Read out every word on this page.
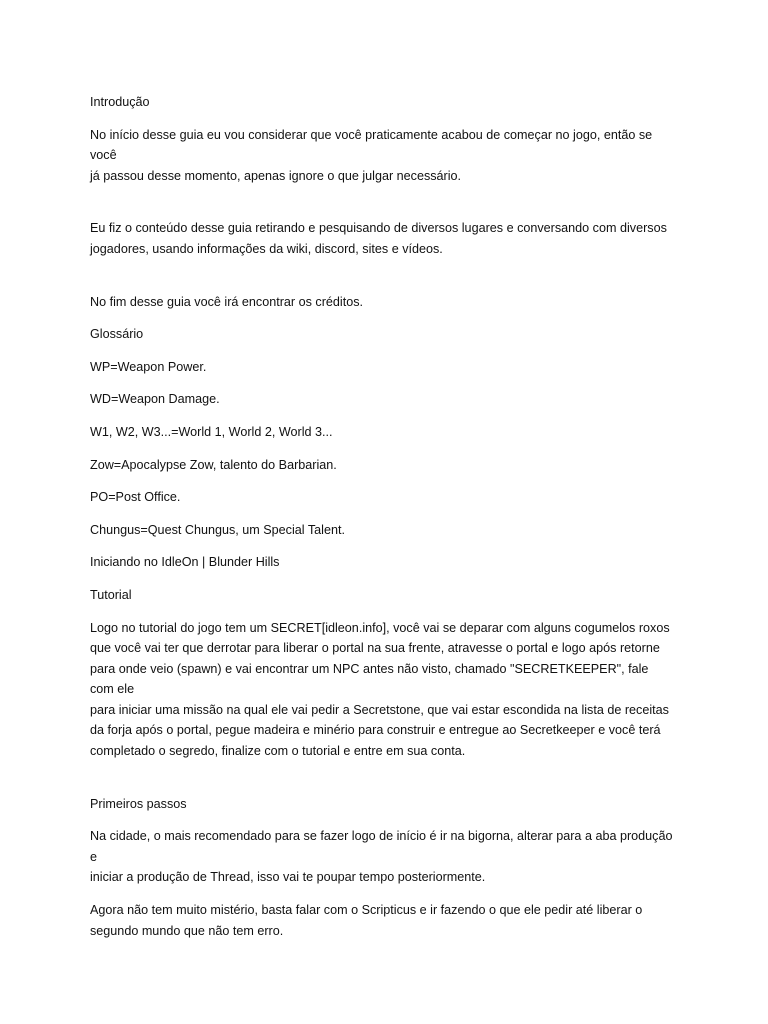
Introdução

No início desse guia eu vou considerar que você praticamente acabou de começar no jogo, então se você
já passou desse momento, apenas ignore o que julgar necessário.

Eu fiz o conteúdo desse guia retirando e pesquisando de diversos lugares e conversando com diversos
jogadores, usando informações da wiki, discord, sites e vídeos.

No fim desse guia você irá encontrar os créditos.

Glossário

WP=Weapon Power.

WD=Weapon Damage.

W1, W2, W3...=World 1, World 2, World 3...

Zow=Apocalypse Zow, talento do Barbarian.

PO=Post Office.

Chungus=Quest Chungus, um Special Talent.

Iniciando no IdleOn | Blunder Hills

Tutorial

Logo no tutorial do jogo tem um SECRET[idleon.info], você vai se deparar com alguns cogumelos roxos
que você vai ter que derrotar para liberar o portal na sua frente, atravesse o portal e logo após retorne
para onde veio (spawn) e vai encontrar um NPC antes não visto, chamado "SECRETKEEPER", fale com ele
para iniciar uma missão na qual ele vai pedir a Secretstone, que vai estar escondida na lista de receitas
da forja após o portal, pegue madeira e minério para construir e entregue ao Secretkeeper e você terá
completado o segredo, finalize com o tutorial e entre em sua conta.

Primeiros passos

Na cidade, o mais recomendado para se fazer logo de início é ir na bigorna, alterar para a aba produção e
iniciar a produção de Thread, isso vai te poupar tempo posteriormente.

Agora não tem muito mistério, basta falar com o Scripticus e ir fazendo o que ele pedir até liberar o
segundo mundo que não tem erro.
